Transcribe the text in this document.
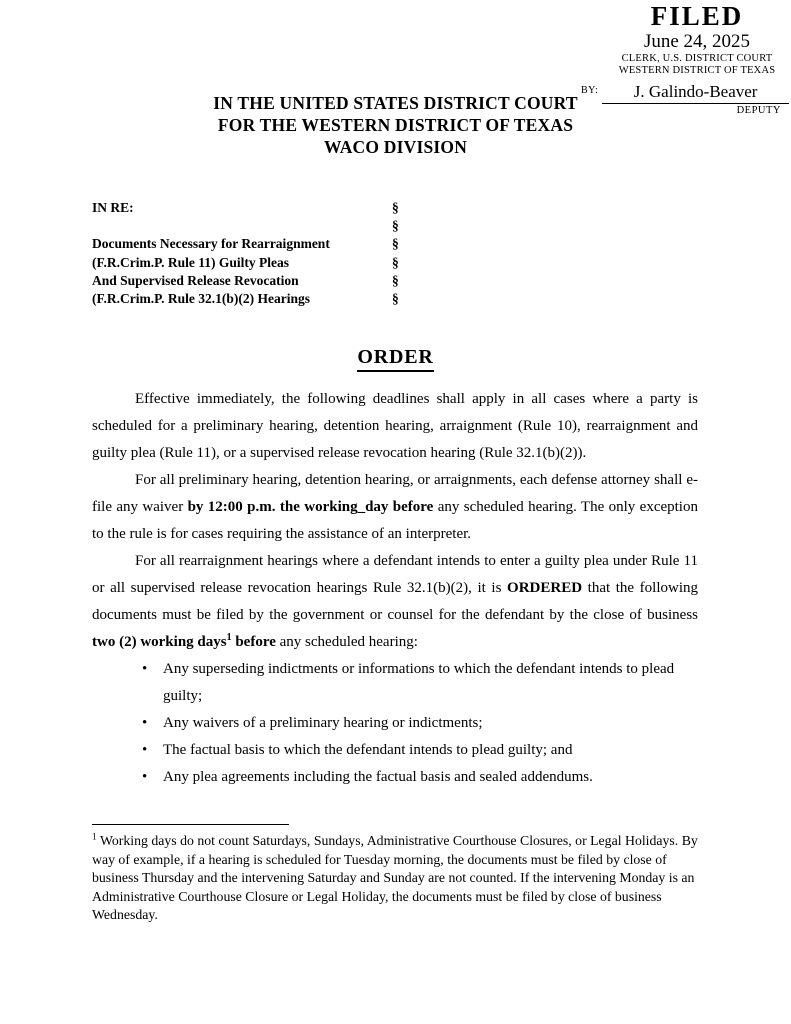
FILED
June 24, 2025
CLERK, U.S. DISTRICT COURT
WESTERN DISTRICT OF TEXAS
BY:	J. Galindo-Beaver
DEPUTY
IN THE UNITED STATES DISTRICT COURT
FOR THE WESTERN DISTRICT OF TEXAS
WACO DIVISION
IN RE:	§
§
Documents Necessary for Rearraignment	§
(F.R.Crim.P. Rule 11) Guilty Pleas	§
And Supervised Release Revocation	§
(F.R.Crim.P. Rule 32.1(b)(2) Hearings	§
ORDER

Effective immediately, the following deadlines shall apply in all cases where a party is scheduled for a preliminary hearing, detention hearing, arraignment (Rule 10), rearraignment and guilty plea (Rule 11), or a supervised release revocation hearing (Rule 32.1(b)(2)).

For all preliminary hearing, detention hearing, or arraignments, each defense attorney shall e-file any waiver by 12:00 p.m. the working_day before any scheduled hearing. The only exception to the rule is for cases requiring the assistance of an interpreter.

For all rearraignment hearings where a defendant intends to enter a guilty plea under Rule 11 or all supervised release revocation hearings Rule 32.1(b)(2), it is ORDERED that the following documents must be filed by the government or counsel for the defendant by the close of business two (2) working days$^1$ before any scheduled hearing:

•	Any superseding indictments or informations to which the defendant intends to plead guilty;
•	Any waivers of a preliminary hearing or indictments;
•	The factual basis to which the defendant intends to plead guilty; and
•	Any plea agreements including the factual basis and sealed addendums.
$^1$ Working days do not count Saturdays, Sundays, Administrative Courthouse Closures, or Legal Holidays. By way of example, if a hearing is scheduled for Tuesday morning, the documents must be filed by close of business Thursday and the intervening Saturday and Sunday are not counted. If the intervening Monday is an Administrative Courthouse Closure or Legal Holiday, the documents must be filed by close of business Wednesday.
